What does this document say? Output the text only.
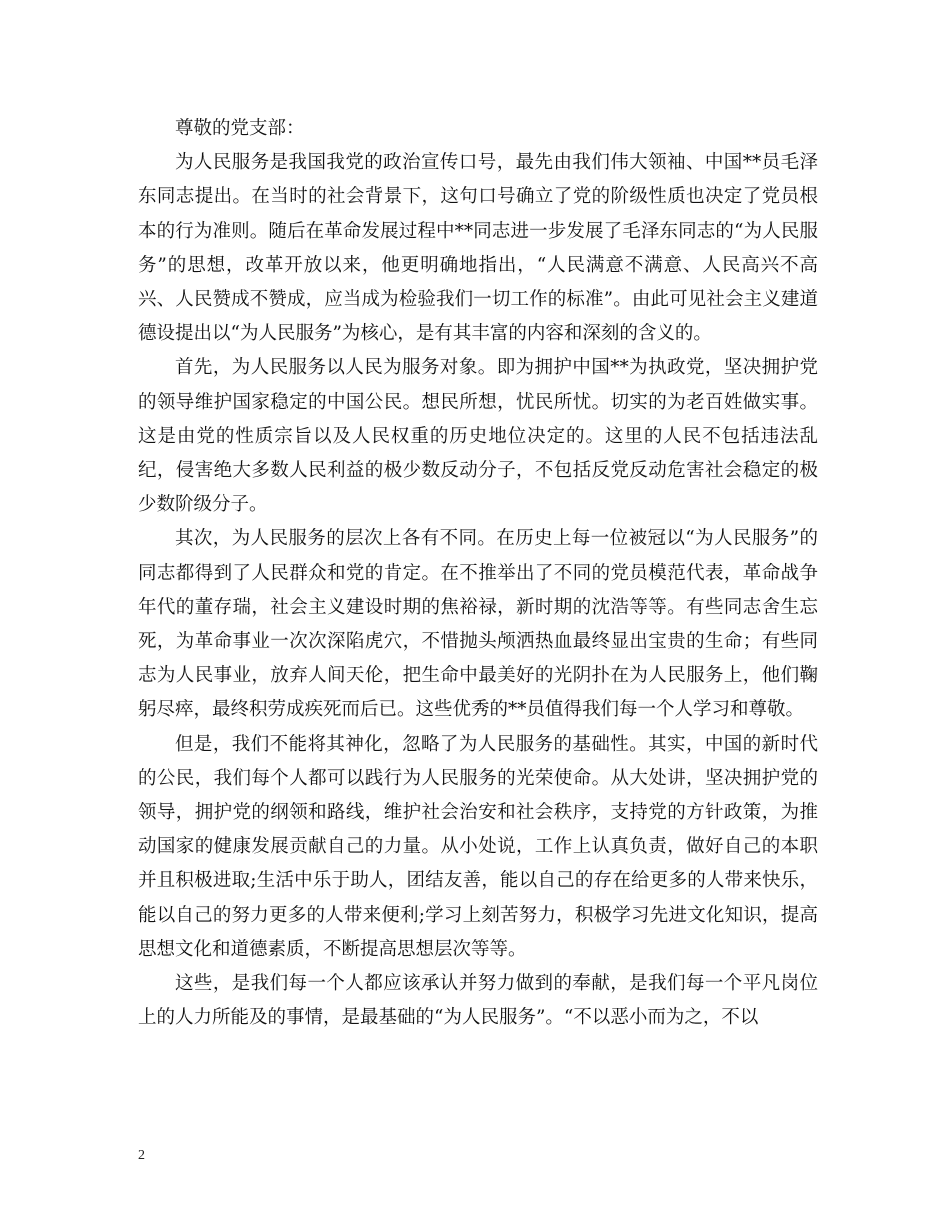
尊敬的党支部：

为人民服务是我国我党的政治宣传口号，最先由我们伟大领袖、中国**员毛泽东同志提出。在当时的社会背景下，这句口号确立了党的阶级性质也决定了党员根本的行为准则。随后在革命发展过程中**同志进一步发展了毛泽东同志的“为人民服务”的思想，改革开放以来，他更明确地指出，“人民满意不满意、人民高兴不高兴、人民赞成不赞成，应当成为检验我们一切工作的标准”。由此可见社会主义建道德设提出以“为人民服务”为核心，是有其丰富的内容和深刻的含义的。

首先，为人民服务以人民为服务对象。即为拥护中国**为执政党，坚决拥护党的领导维护国家稳定的中国公民。想民所想，忧民所忧。切实的为老百姓做实事。这是由党的性质宗旨以及人民权重的历史地位决定的。这里的人民不包括违法乱纪，侵害绝大多数人民利益的极少数反动分子，不包括反党反动危害社会稳定的极少数阶级分子。

其次，为人民服务的层次上各有不同。在历史上每一位被冠以“为人民服务”的同志都得到了人民群众和党的肯定。在不推举出了不同的党员模范代表，革命战争年代的董存瑞，社会主义建设时期的焦裕禄，新时期的沈浩等等。有些同志舍生忘死，为革命事业一次次深陷虎穴，不惜抛头颅洒热血最终显出宝贵的生命；有些同志为人民事业，放弃人间天伦，把生命中最美好的光阴扑在为人民服务上，他们鞠躬尽瘁，最终积劳成疾死而后已。这些优秀的**员值得我们每一个人学习和尊敬。

但是，我们不能将其神化，忽略了为人民服务的基础性。其实，中国的新时代的公民，我们每个人都可以践行为人民服务的光荣使命。从大处讲，坚决拥护党的领导，拥护党的纲领和路线，维护社会治安和社会秩序，支持党的方针政策，为推动国家的健康发展贡献自己的力量。从小处说，工作上认真负责，做好自己的本职并且积极进取;生活中乐于助人，团结友善，能以自己的存在给更多的人带来快乐，能以自己的努力更多的人带来便利;学习上刻苦努力，积极学习先进文化知识，提高思想文化和道德素质，不断提高思想层次等等。

这些，是我们每一个人都应该承认并努力做到的奉献，是我们每一个平凡岗位上的人力所能及的事情，是最基础的“为人民服务”。“不以恶小而为之，不以

2
